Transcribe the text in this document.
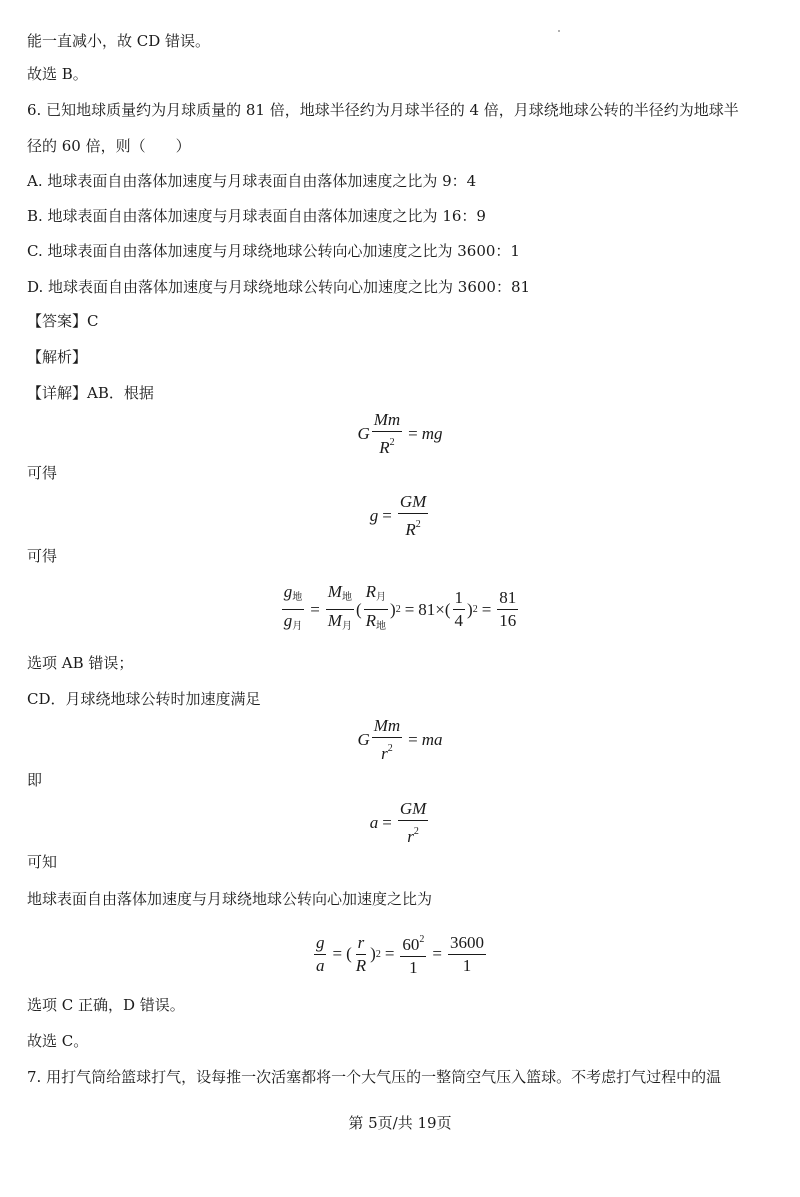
能一直减小，故 CD 错误。
故选 B。
6. 已知地球质量约为月球质量的 81 倍，地球半径约为月球半径的 4 倍，月球绕地球公转的半径约为地球半
径的 60 倍，则（　　）
A. 地球表面自由落体加速度与月球表面自由落体加速度之比为 9：4
B. 地球表面自由落体加速度与月球表面自由落体加速度之比为 16：9
C. 地球表面自由落体加速度与月球绕地球公转向心加速度之比为 3600：1
D. 地球表面自由落体加速度与月球绕地球公转向心加速度之比为 3600：81
【答案】C
【解析】
【详解】AB．根据
G $\frac{Mm}{R^2}$ = mg
可得
$g = \frac{GM}{R^2}$
可得
$\frac{g_地}{g_月} = \frac{M_地}{M_月}$ ( $\frac{R_月}{R_地}$ ) $2 = 81\times( \frac{1}{4}$ ) $2 = \frac{81}{16}$
选项 AB 错误；
CD．月球绕地球公转时加速度满足
G $\frac{Mm}{r^2}$ = ma
即
$a = \frac{GM}{r^2}$
可知
地球表面自由落体加速度与月球绕地球公转向心加速度之比为
$\frac{g}{a}$ = ( $\frac{r}{R}$ ) $2 = \frac{60^2}{1} = \frac{3600}{1}$
选项 C 正确，D 错误。
故选 C。
7. 用打气筒给篮球打气，设每推一次活塞都将一个大气压的一整筒空气压入篮球。不考虑打气过程中的温
第 5页/共 19页
